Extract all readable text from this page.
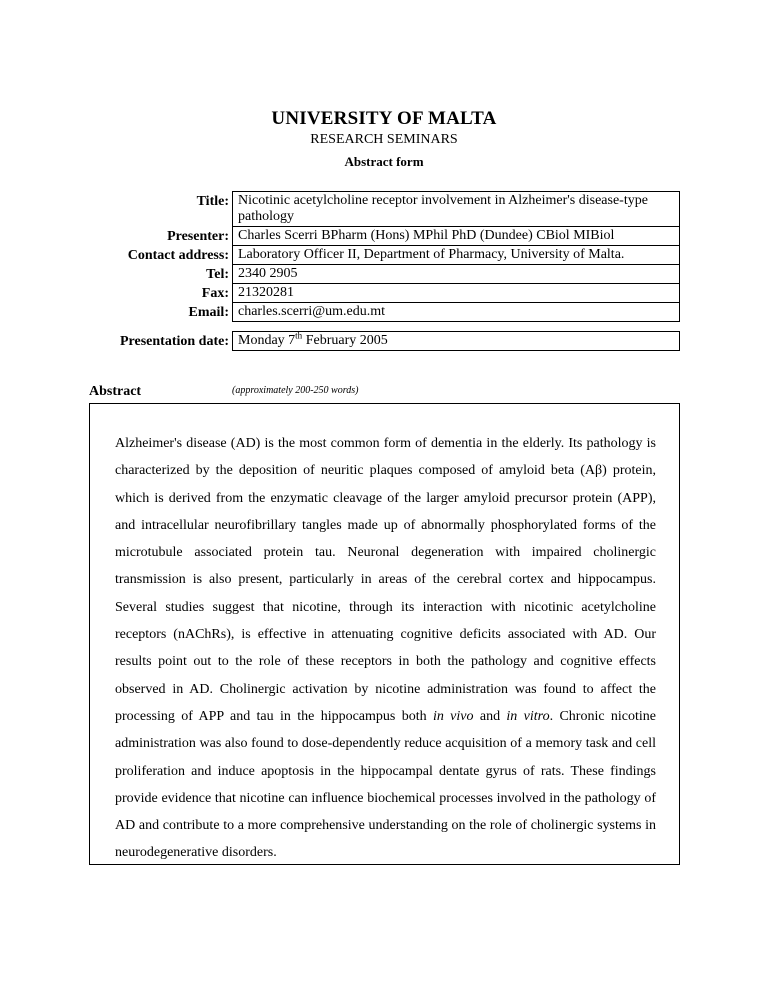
UNIVERSITY OF MALTA
RESEARCH SEMINARS
Abstract form
Title: Nicotinic acetylcholine receptor involvement in Alzheimer's disease-type pathology
Presenter: Charles Scerri BPharm (Hons) MPhil PhD (Dundee) CBiol MIBiol
Contact address: Laboratory Officer II, Department of Pharmacy, University of Malta.
Tel: 2340 2905
Fax: 21320281
Email: charles.scerri@um.edu.mt
Presentation date: Monday 7th February 2005
Abstract	(approximately 200-250 words)
Alzheimer's disease (AD) is the most common form of dementia in the elderly. Its pathology is characterized by the deposition of neuritic plaques composed of amyloid beta (Aβ) protein, which is derived from the enzymatic cleavage of the larger amyloid precursor protein (APP), and intracellular neurofibrillary tangles made up of abnormally phosphorylated forms of the microtubule associated protein tau. Neuronal degeneration with impaired cholinergic transmission is also present, particularly in areas of the cerebral cortex and hippocampus. Several studies suggest that nicotine, through its interaction with nicotinic acetylcholine receptors (nAChRs), is effective in attenuating cognitive deficits associated with AD. Our results point out to the role of these receptors in both the pathology and cognitive effects observed in AD. Cholinergic activation by nicotine administration was found to affect the processing of APP and tau in the hippocampus both in vivo and in vitro. Chronic nicotine administration was also found to dose-dependently reduce acquisition of a memory task and cell proliferation and induce apoptosis in the hippocampal dentate gyrus of rats. These findings provide evidence that nicotine can influence biochemical processes involved in the pathology of AD and contribute to a more comprehensive understanding on the role of cholinergic systems in neurodegenerative disorders.
